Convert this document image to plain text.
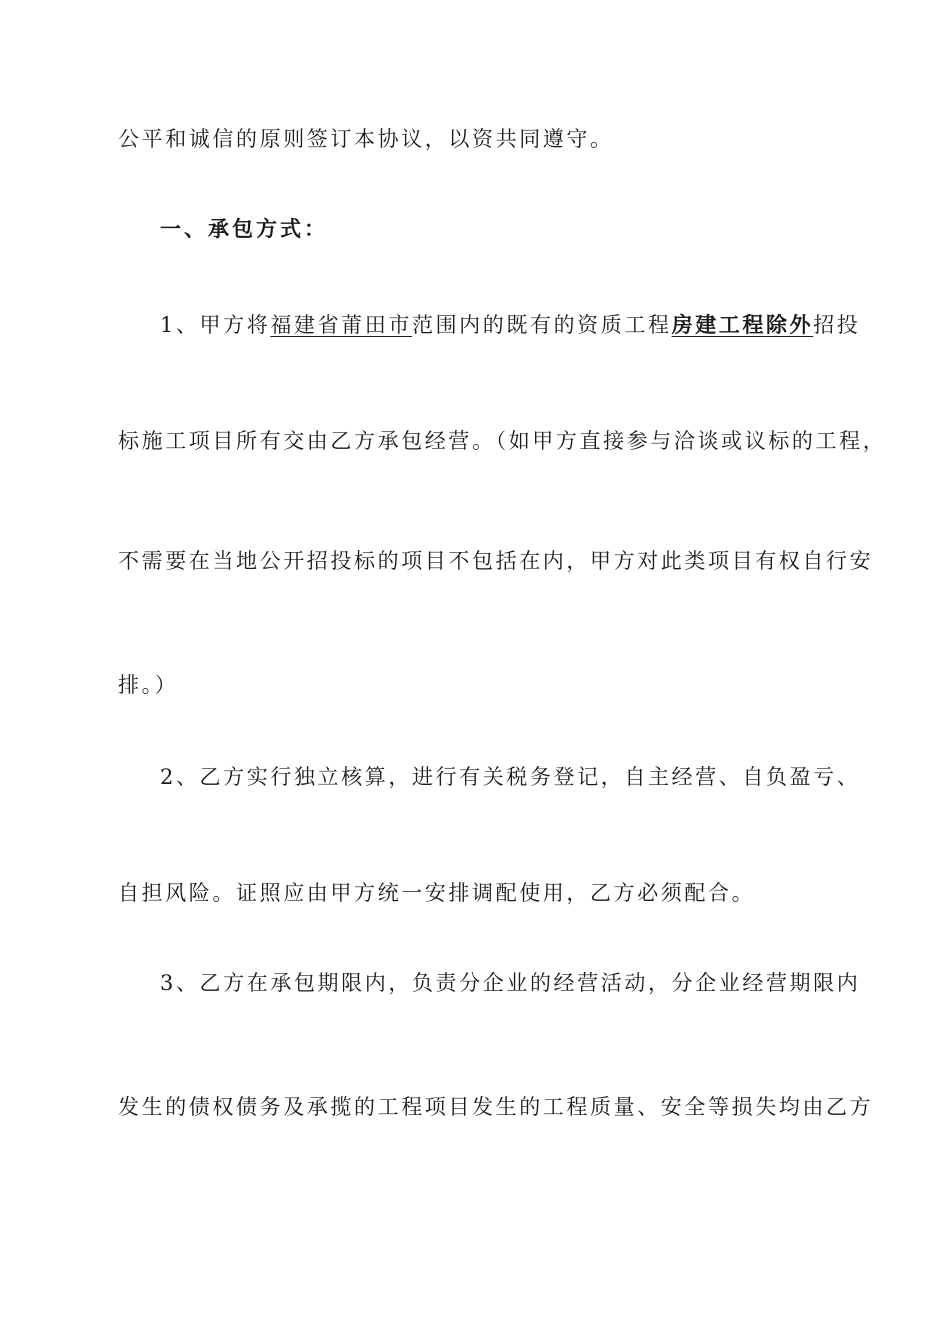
公平和诚信的原则签订本协议，以资共同遵守。
一、承包方式：
1、甲方将福建省莆田市范围内的既有的资质工程房建工程除外招投
标施工项目所有交由乙方承包经营。（如甲方直接参与洽谈或议标的工程，
不需要在当地公开招投标的项目不包括在内，甲方对此类项目有权自行安
排。）
2、乙方实行独立核算，进行有关税务登记，自主经营、自负盈亏、
自担风险。证照应由甲方统一安排调配使用，乙方必须配合。
3、乙方在承包期限内，负责分企业的经营活动，分企业经营期限内
发生的债权债务及承揽的工程项目发生的工程质量、安全等损失均由乙方
